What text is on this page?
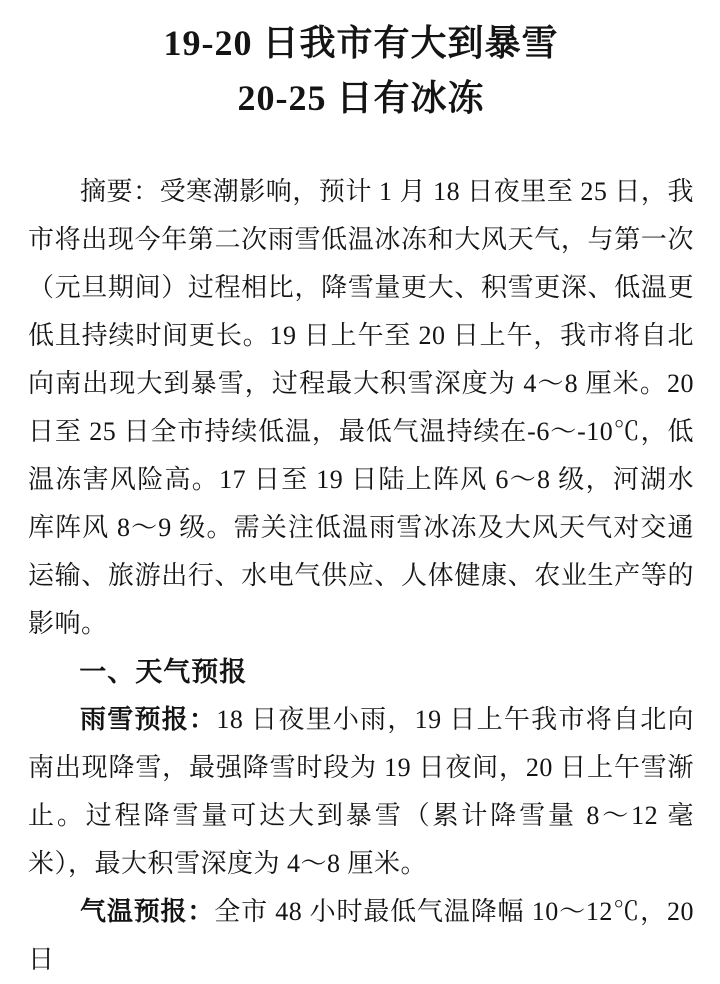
19-20 日我市有大到暴雪
20-25 日有冰冻

摘要：受寒潮影响，预计 1 月 18 日夜里至 25 日，我市将出现今年第二次雨雪低温冰冻和大风天气，与第一次（元旦期间）过程相比，降雪量更大、积雪更深、低温更低且持续时间更长。19 日上午至 20 日上午，我市将自北向南出现大到暴雪，过程最大积雪深度为 4～8 厘米。20 日至 25 日全市持续低温，最低气温持续在-6～-10℃，低温冻害风险高。17 日至 19 日陆上阵风 6～8 级，河湖水库阵风 8～9 级。需关注低温雨雪冰冻及大风天气对交通运输、旅游出行、水电气供应、人体健康、农业生产等的影响。

一、天气预报

雨雪预报：18 日夜里小雨，19 日上午我市将自北向南出现降雪，最强降雪时段为 19 日夜间，20 日上午雪渐止。过程降雪量可达大到暴雪（累计降雪量 8～12 毫米），最大积雪深度为 4～8 厘米。

气温预报：全市 48 小时最低气温降幅 10～12℃，20 日
